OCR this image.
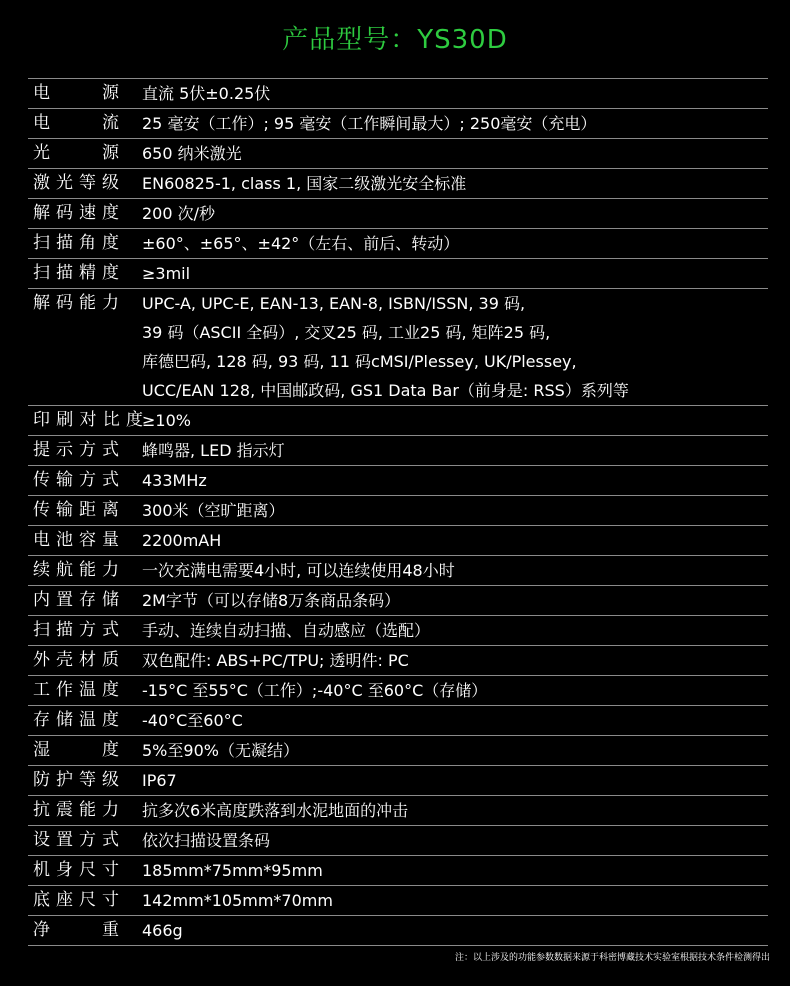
产品型号：YS30D
电源	直流 5伏±0.25伏
电流	25 毫安（工作）; 95 毫安（工作瞬间最大）; 250毫安（充电）
光源	650 纳米激光
激光等级	EN60825-1, class 1, 国家二级激光安全标准
解码速度	200 次/秒
扫描角度	±60°、±65°、±42°（左右、前后、转动）
扫描精度	≥3mil
解码能力	UPC-A, UPC-E, EAN-13, EAN-8, ISBN/ISSN, 39 码,
39 码（ASCII 全码）, 交叉25 码, 工业25 码, 矩阵25 码,
库德巴码, 128 码, 93 码, 11 码cMSI/Plessey, UK/Plessey,
UCC/EAN 128, 中国邮政码, GS1 Data Bar（前身是: RSS）系列等
印刷对比度 ≥10%
提示方式	蜂鸣器, LED 指示灯
传输方式	433MHz
传输距离	300米（空旷距离）
电池容量	2200mAH
续航能力	一次充满电需要4小时, 可以连续使用48小时
内置存储	2M字节（可以存储8万条商品条码）
扫描方式	手动、连续自动扫描、自动感应（选配）
外壳材质	双色配件: ABS+PC/TPU; 透明件: PC
工作温度	-15°C 至55°C（工作）;-40°C 至60°C（存储）
存储温度	-40°C至60°C
湿度	5%至90%（无凝结）
防护等级	IP67
抗震能力	抗多次6米高度跌落到水泥地面的冲击
设置方式	依次扫描设置条码
机身尺寸	185mm*75mm*95mm
底座尺寸	142mm*105mm*70mm
净重	466g
注：以上涉及的功能参数数据来源于科密博藏技术实验室根据技术条件检测得出
